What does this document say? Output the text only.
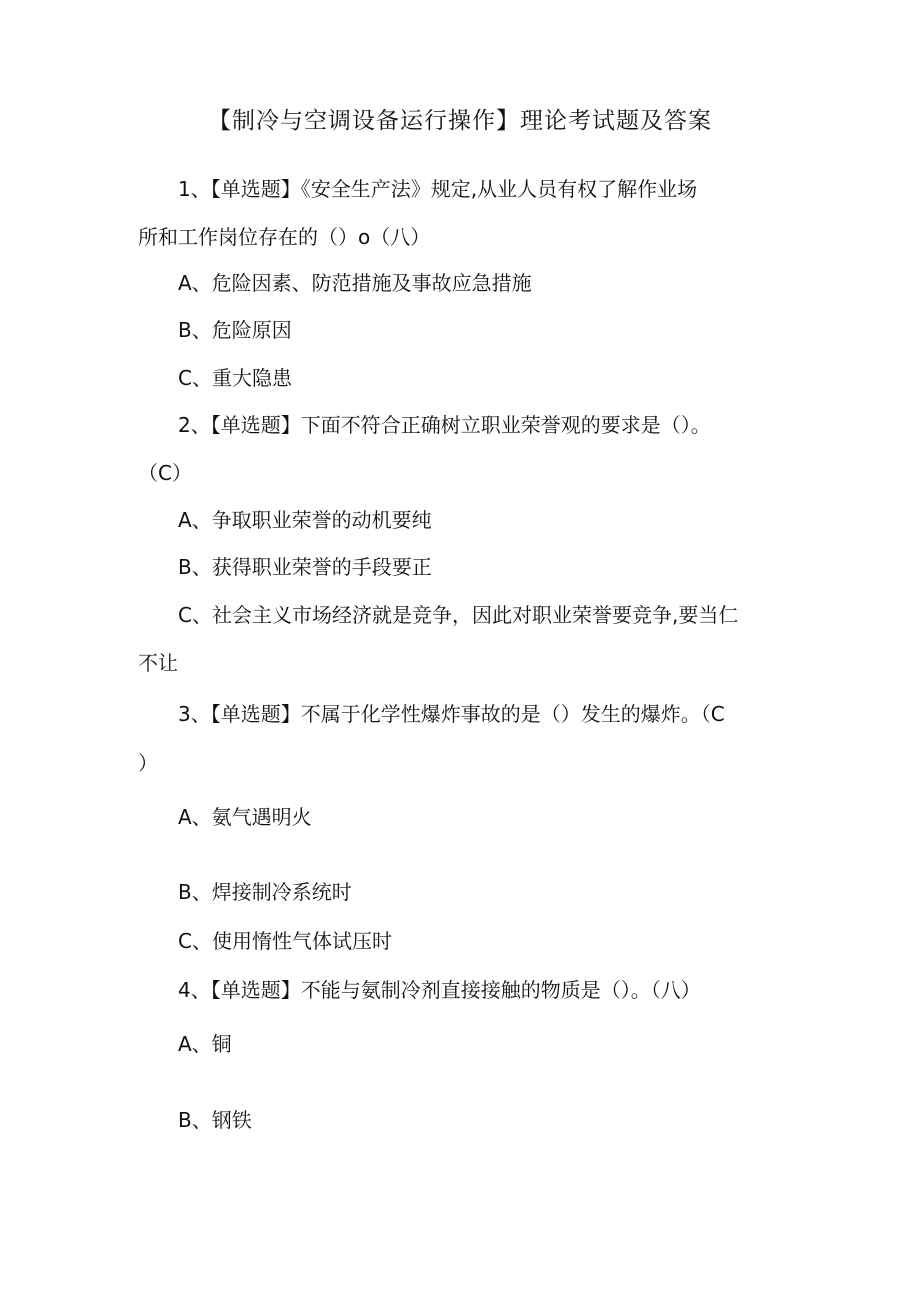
【制冷与空调设备运行操作】理论考试题及答案
1、【单选题】《安全生产法》规定,从业人员有权了解作业场
所和工作岗位存在的（）o（八）
A、危险因素、防范措施及事故应急措施
B、危险原因
C、重大隐患
2、【单选题】下面不符合正确树立职业荣誉观的要求是（）。
（C）
A、争取职业荣誉的动机要纯
B、获得职业荣誉的手段要正
C、社会主义市场经济就是竞争，因此对职业荣誉要竞争,要当仁
不让
3、【单选题】不属于化学性爆炸事故的是（）发生的爆炸。（C
）
A、氨气遇明火
B、焊接制冷系统时
C、使用惰性气体试压时
4、【单选题】不能与氨制冷剂直接接触的物质是（）。（八）
A、铜
B、钢铁
